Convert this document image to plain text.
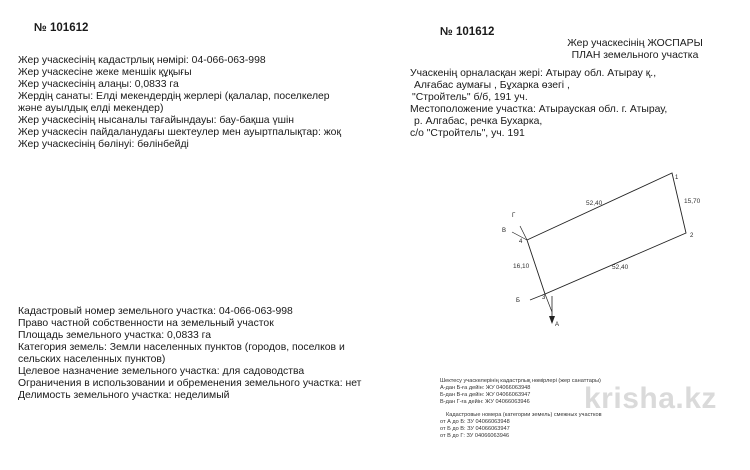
№ 101612
Жер учаскесінің кадастрлық нөмірі: 04-066-063-998
Жер учаскесіне жеке меншік құқығы
Жер учаскесінің алаңы: 0,0833 га
Жердің санаты: Елді мекендердің жерлері (қалалар, поселкелер
және ауылдық елді мекендер)
Жер учаскесінің нысаналы тағайындауы: бау-бақша үшін
Жер учаскесін пайдаланудағы шектеулер мен ауыртпалықтар: жоқ
Жер учаскесінің бөлінуі: бөлінбейді
Кадастровый номер земельного участка: 04-066-063-998
Право частной собственности на земельный участок
Площадь земельного участка: 0,0833 га
Категория земель: Земли населенных пунктов (городов, поселков и
сельских населенных пунктов)
Целевое назначение земельного участка: для садоводства
Ограничения в использовании и обременения земельного участка: нет
Делимость земельного участка: неделимый
№ 101612
Жер учаскесінің ЖОСПАРЫ
ПЛАН земельного участка
Учаскенің орналасқан жері: Атырау обл. Атырау қ.,
Алғабас аумағы , Бұхарка өзегі ,
"Стройтель" б/б, 191 уч.
Местоположение участка: Атырауская обл. г. Атырау,
р. Алгабас, речка Бухарка,
с/о "Стройтель", уч. 191
52,40	15,70
16,10	52,40
1
2
3
4
Г
В
Б
А
Шектесу учаскелерінің кадастрлық нөмірлері (жер санаттары)
А-дан Б-ға дейін: ЖУ 04066063948
Б-дан В-ға дейін: ЖУ 04066063947
В-дан Г-ға дейін: ЖУ 04066063946
Кадастровые номера (категории земель) смежных участков
от А до Б: ЗУ 04066063948
от Б до В: ЗУ 04066063947
от В до Г: ЗУ 04066063946
krisha.kz
